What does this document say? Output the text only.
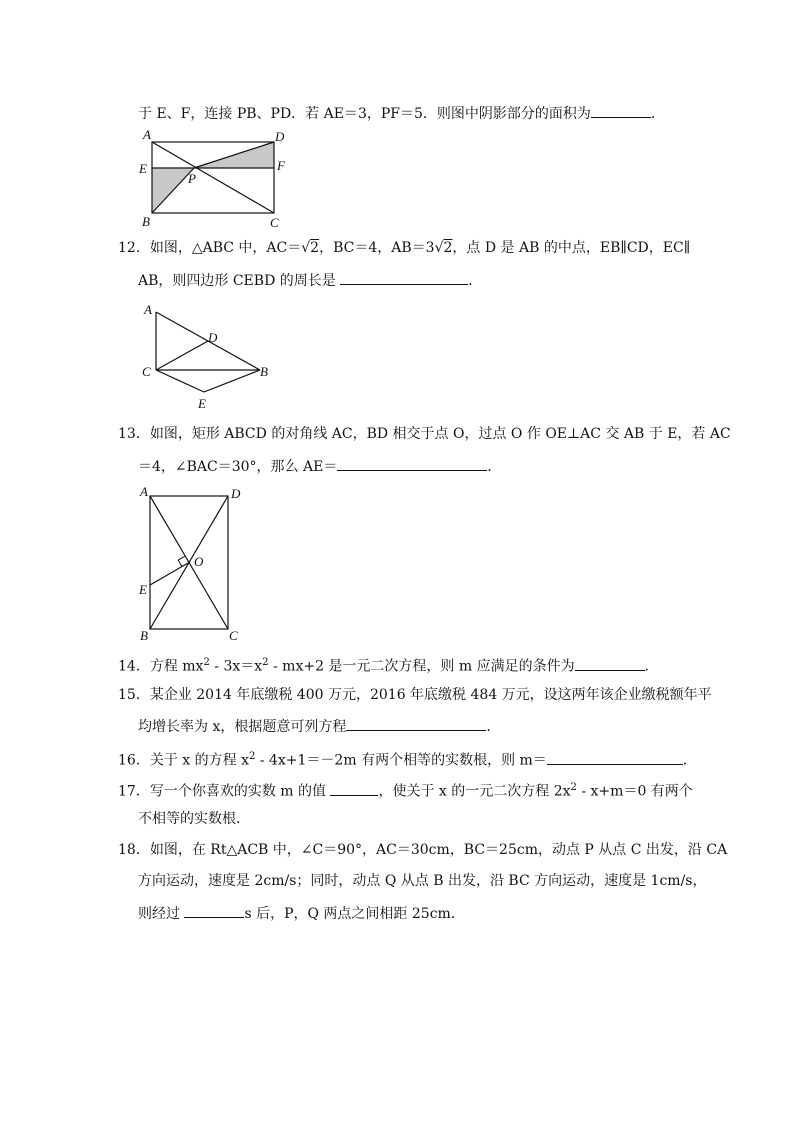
于 E、F，连接 PB、PD．若 AE＝3，PF＝5．则图中阴影部分的面积为	．
A	D
E	F
P
B	C
12．如图，△ABC 中，AC＝√2，BC＝4，AB＝3√2，点 D 是 AB 的中点，EB∥CD，EC∥
AB，则四边形 CEBD 的周长是	．
A
D
C	B
E
13．如图，矩形 ABCD 的对角线 AC，BD 相交于点 O，过点 O 作 OE⊥AC 交 AB 于 E，若 AC
＝4，∠BAC＝30°，那么 AE＝	．
A	D
O
E
B	C
14．方程 $mx^2 - 3x=x^2 - mx+2$ 是一元二次方程，则 m 应满足的条件为	．
15．某企业 2014 年底缴税 400 万元，2016 年底缴税 484 万元，设这两年该企业缴税额年平
均增长率为 x，根据题意可列方程	．
16．关于 x 的方程 $x^2 - 4x+1=-2m$ 有两个相等的实数根，则 m＝	．
17．写一个你喜欢的实数 m 的值	，使关于 x 的一元二次方程 $2x^2 - x+m=0$ 有两个
不相等的实数根．
18．如图，在 Rt△ACB 中，∠C＝90°，AC＝30cm，BC＝25cm，动点 P 从点 C 出发，沿 CA
方向运动，速度是 2cm/s；同时，动点 Q 从点 B 出发，沿 BC 方向运动，速度是 1cm/s，
则经过	s 后，P，Q 两点之间相距 25cm．
